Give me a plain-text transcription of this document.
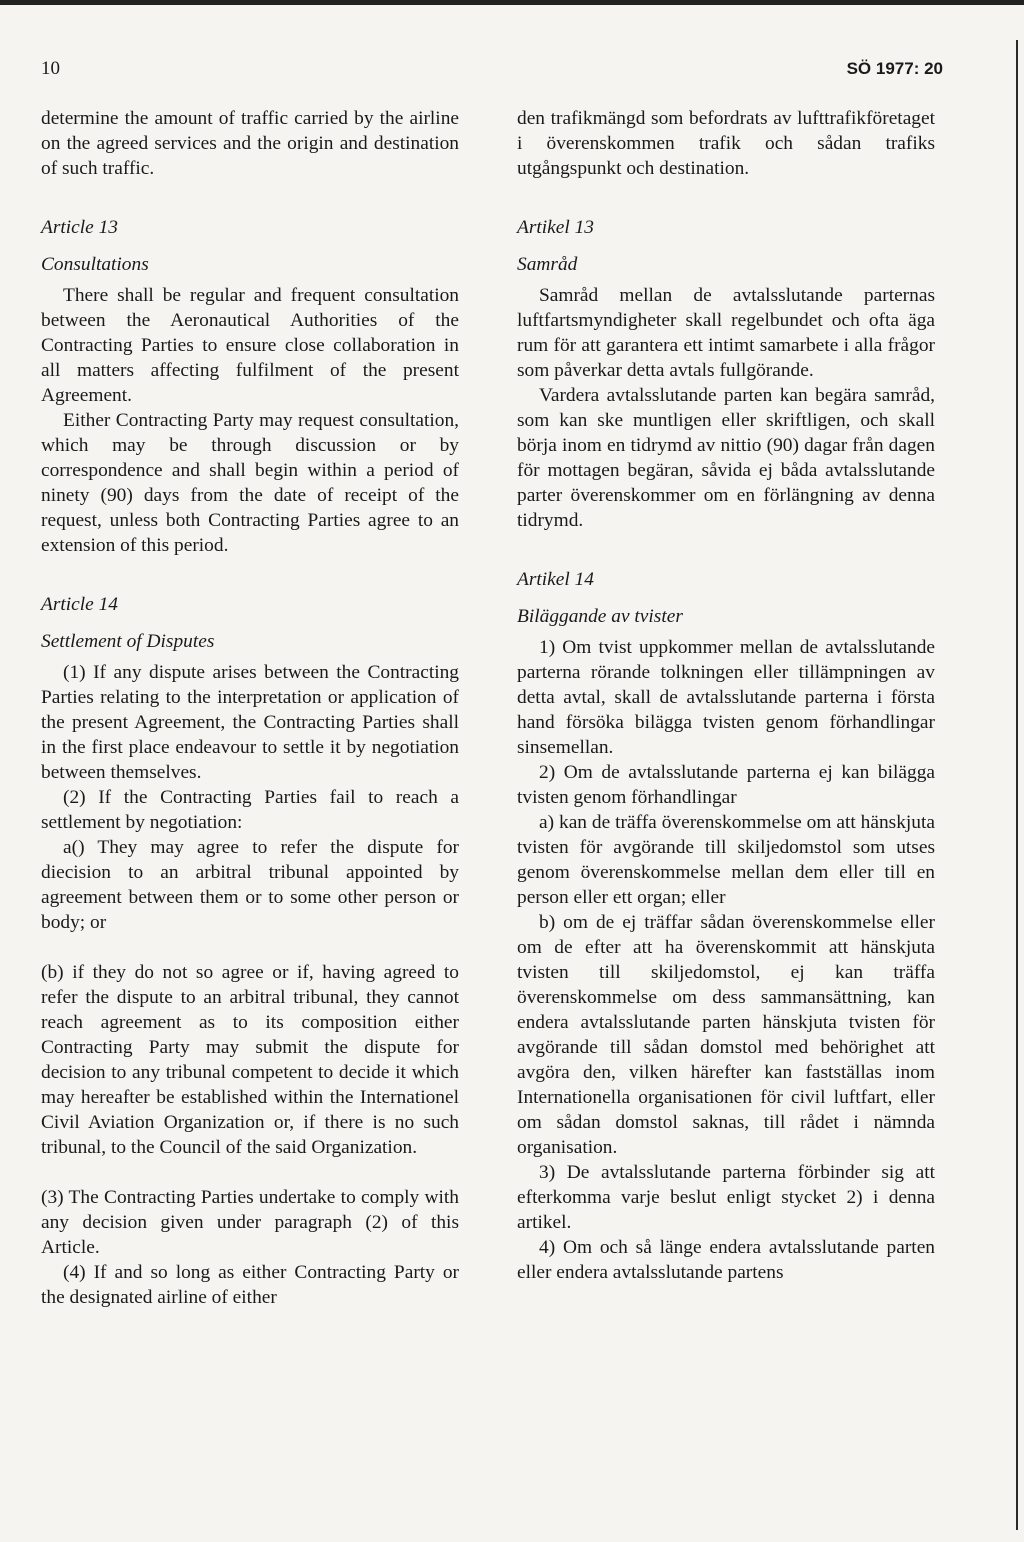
10	SÖ 1977: 20

determine the amount of traffic carried by the airline on the agreed services and the origin and destination of such traffic.

Article 13

Consultations

There shall be regular and frequent consultation between the Aeronautical Authorities of the Contracting Parties to ensure close collaboration in all matters affecting fulfilment of the present Agreement.

Either Contracting Party may request consultation, which may be through discussion or by correspondence and shall begin within a period of ninety (90) days from the date of receipt of the request, unless both Contracting Parties agree to an extension of this period.

Article 14

Settlement of Disputes

(1) If any dispute arises between the Contracting Parties relating to the interpretation or application of the present Agreement, the Contracting Parties shall in the first place endeavour to settle it by negotiation between themselves.

(2) If the Contracting Parties fail to reach a settlement by negotiation:

a() They may agree to refer the dispute for diecision to an arbitral tribunal appointed by agreement between them or to some other person or body; or

(b) if they do not so agree or if, having agreed to refer the dispute to an arbitral tribunal, they cannot reach agreement as to its composition either Contracting Party may submit the dispute for decision to any tribunal competent to decide it which may hereafter be established within the Internationel Civil Aviation Organization or, if there is no such tribunal, to the Council of the said Organization.

(3) The Contracting Parties undertake to comply with any decision given under paragraph (2) of this Article.

(4) If and so long as either Contracting Party or the designated airline of either

den trafikmängd som befordrats av lufttrafikföretaget i överenskommen trafik och sådan trafiks utgångspunkt och destination.

Artikel 13

Samråd

Samråd mellan de avtalsslutande parternas luftfartsmyndigheter skall regelbundet och ofta äga rum för att garantera ett intimt samarbete i alla frågor som påverkar detta avtals fullgörande.

Vardera avtalsslutande parten kan begära samråd, som kan ske muntligen eller skriftligen, och skall börja inom en tidrymd av nittio (90) dagar från dagen för mottagen begäran, såvida ej båda avtalsslutande parter överenskommer om en förlängning av denna tidrymd.

Artikel 14

Biläggande av tvister

1) Om tvist uppkommer mellan de avtalsslutande parterna rörande tolkningen eller tillämpningen av detta avtal, skall de avtalsslutande parterna i första hand försöka bilägga tvisten genom förhandlingar sinsemellan.

2) Om de avtalsslutande parterna ej kan bilägga tvisten genom förhandlingar

a) kan de träffa överenskommelse om att hänskjuta tvisten för avgörande till skiljedomstol som utses genom överenskommelse mellan dem eller till en person eller ett organ; eller

b) om de ej träffar sådan överenskommelse eller om de efter att ha överenskommit att hänskjuta tvisten till skiljedomstol, ej kan träffa överenskommelse om dess sammansättning, kan endera avtalsslutande parten hänskjuta tvisten för avgörande till sådan domstol med behörighet att avgöra den, vilken härefter kan fastställas inom Internationella organisationen för civil luftfart, eller om sådan domstol saknas, till rådet i nämnda organisation.

3) De avtalsslutande parterna förbinder sig att efterkomma varje beslut enligt stycket 2) i denna artikel.

4) Om och så länge endera avtalsslutande parten eller endera avtalsslutande partens
